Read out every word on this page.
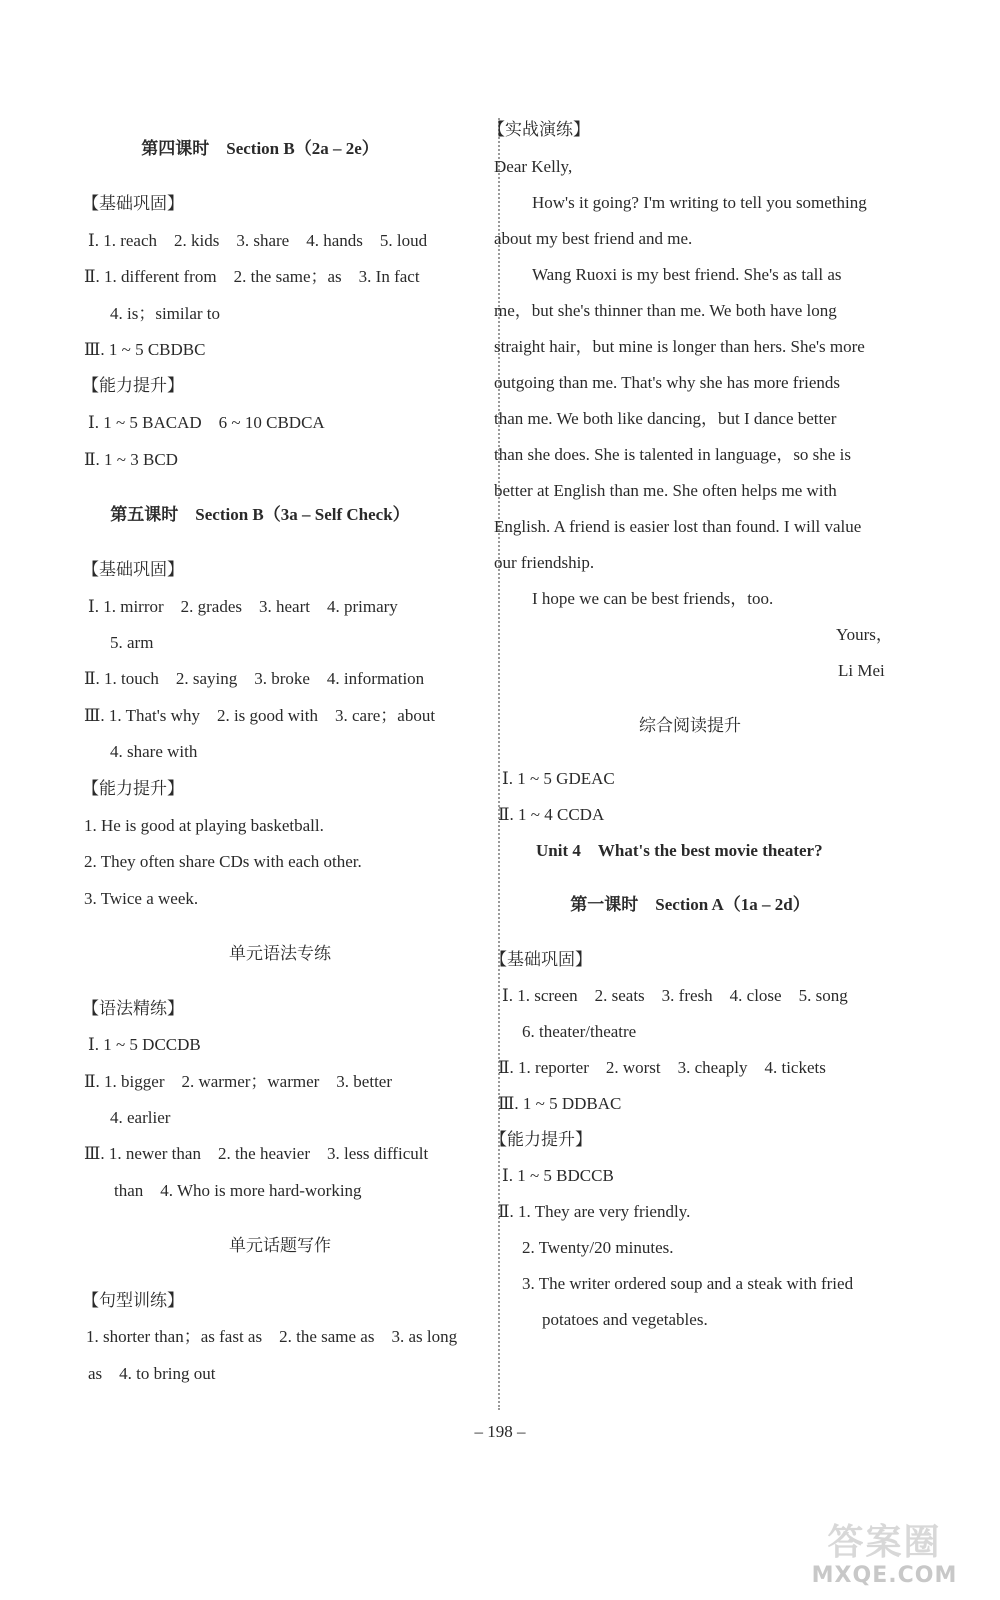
第四课时　Section B（2a – 2e）
【基础巩固】
Ⅰ. 1. reach　2. kids　3. share　4. hands　5. loud
Ⅱ. 1. different from　2. the same；as　3. In fact
4. is；similar to
Ⅲ. 1 ~ 5 CBDBC
【能力提升】
Ⅰ. 1 ~ 5 BACAD　6 ~ 10 CBDCA
Ⅱ. 1 ~ 3 BCD
第五课时　Section B（3a – Self Check）
【基础巩固】
Ⅰ. 1. mirror　2. grades　3. heart　4. primary
5. arm
Ⅱ. 1. touch　2. saying　3. broke　4. information
Ⅲ. 1. That's why　2. is good with　3. care；about
4. share with
【能力提升】
1. He is good at playing basketball.
2. They often share CDs with each other.
3. Twice a week.
单元语法专练
【语法精练】
Ⅰ. 1 ~ 5 DCCDB
Ⅱ. 1. bigger　2. warmer；warmer　3. better
4. earlier
Ⅲ. 1. newer than　2. the heavier　3. less difficult
than　4. Who is more hard-working
单元话题写作
【句型训练】
1. shorter than；as fast as　2. the same as　3. as long
as　4. to bring out
【实战演练】
Dear Kelly,
How's it going? I'm writing to tell you something
about my best friend and me.
Wang Ruoxi is my best friend. She's as tall as
me，but she's thinner than me. We both have long
straight hair，but mine is longer than hers. She's more
outgoing than me. That's why she has more friends
than me. We both like dancing，but I dance better
than she does. She is talented in language，so she is
better at English than me. She often helps me with
English. A friend is easier lost than found. I will value
our friendship.
I hope we can be best friends，too.
Yours，
Li Mei
综合阅读提升
Ⅰ. 1 ~ 5 GDEAC
Ⅱ. 1 ~ 4 CCDA
Unit 4　What's the best movie theater?
第一课时　Section A（1a – 2d）
【基础巩固】
Ⅰ. 1. screen　2. seats　3. fresh　4. close　5. song
6. theater/theatre
Ⅱ. 1. reporter　2. worst　3. cheaply　4. tickets
Ⅲ. 1 ~ 5 DDBAC
【能力提升】
Ⅰ. 1 ~ 5 BDCCB
Ⅱ. 1. They are very friendly.
2. Twenty/20 minutes.
3. The writer ordered soup and a steak with fried
potatoes and vegetables.
– 198 –
答案圈
MXQE.COM
